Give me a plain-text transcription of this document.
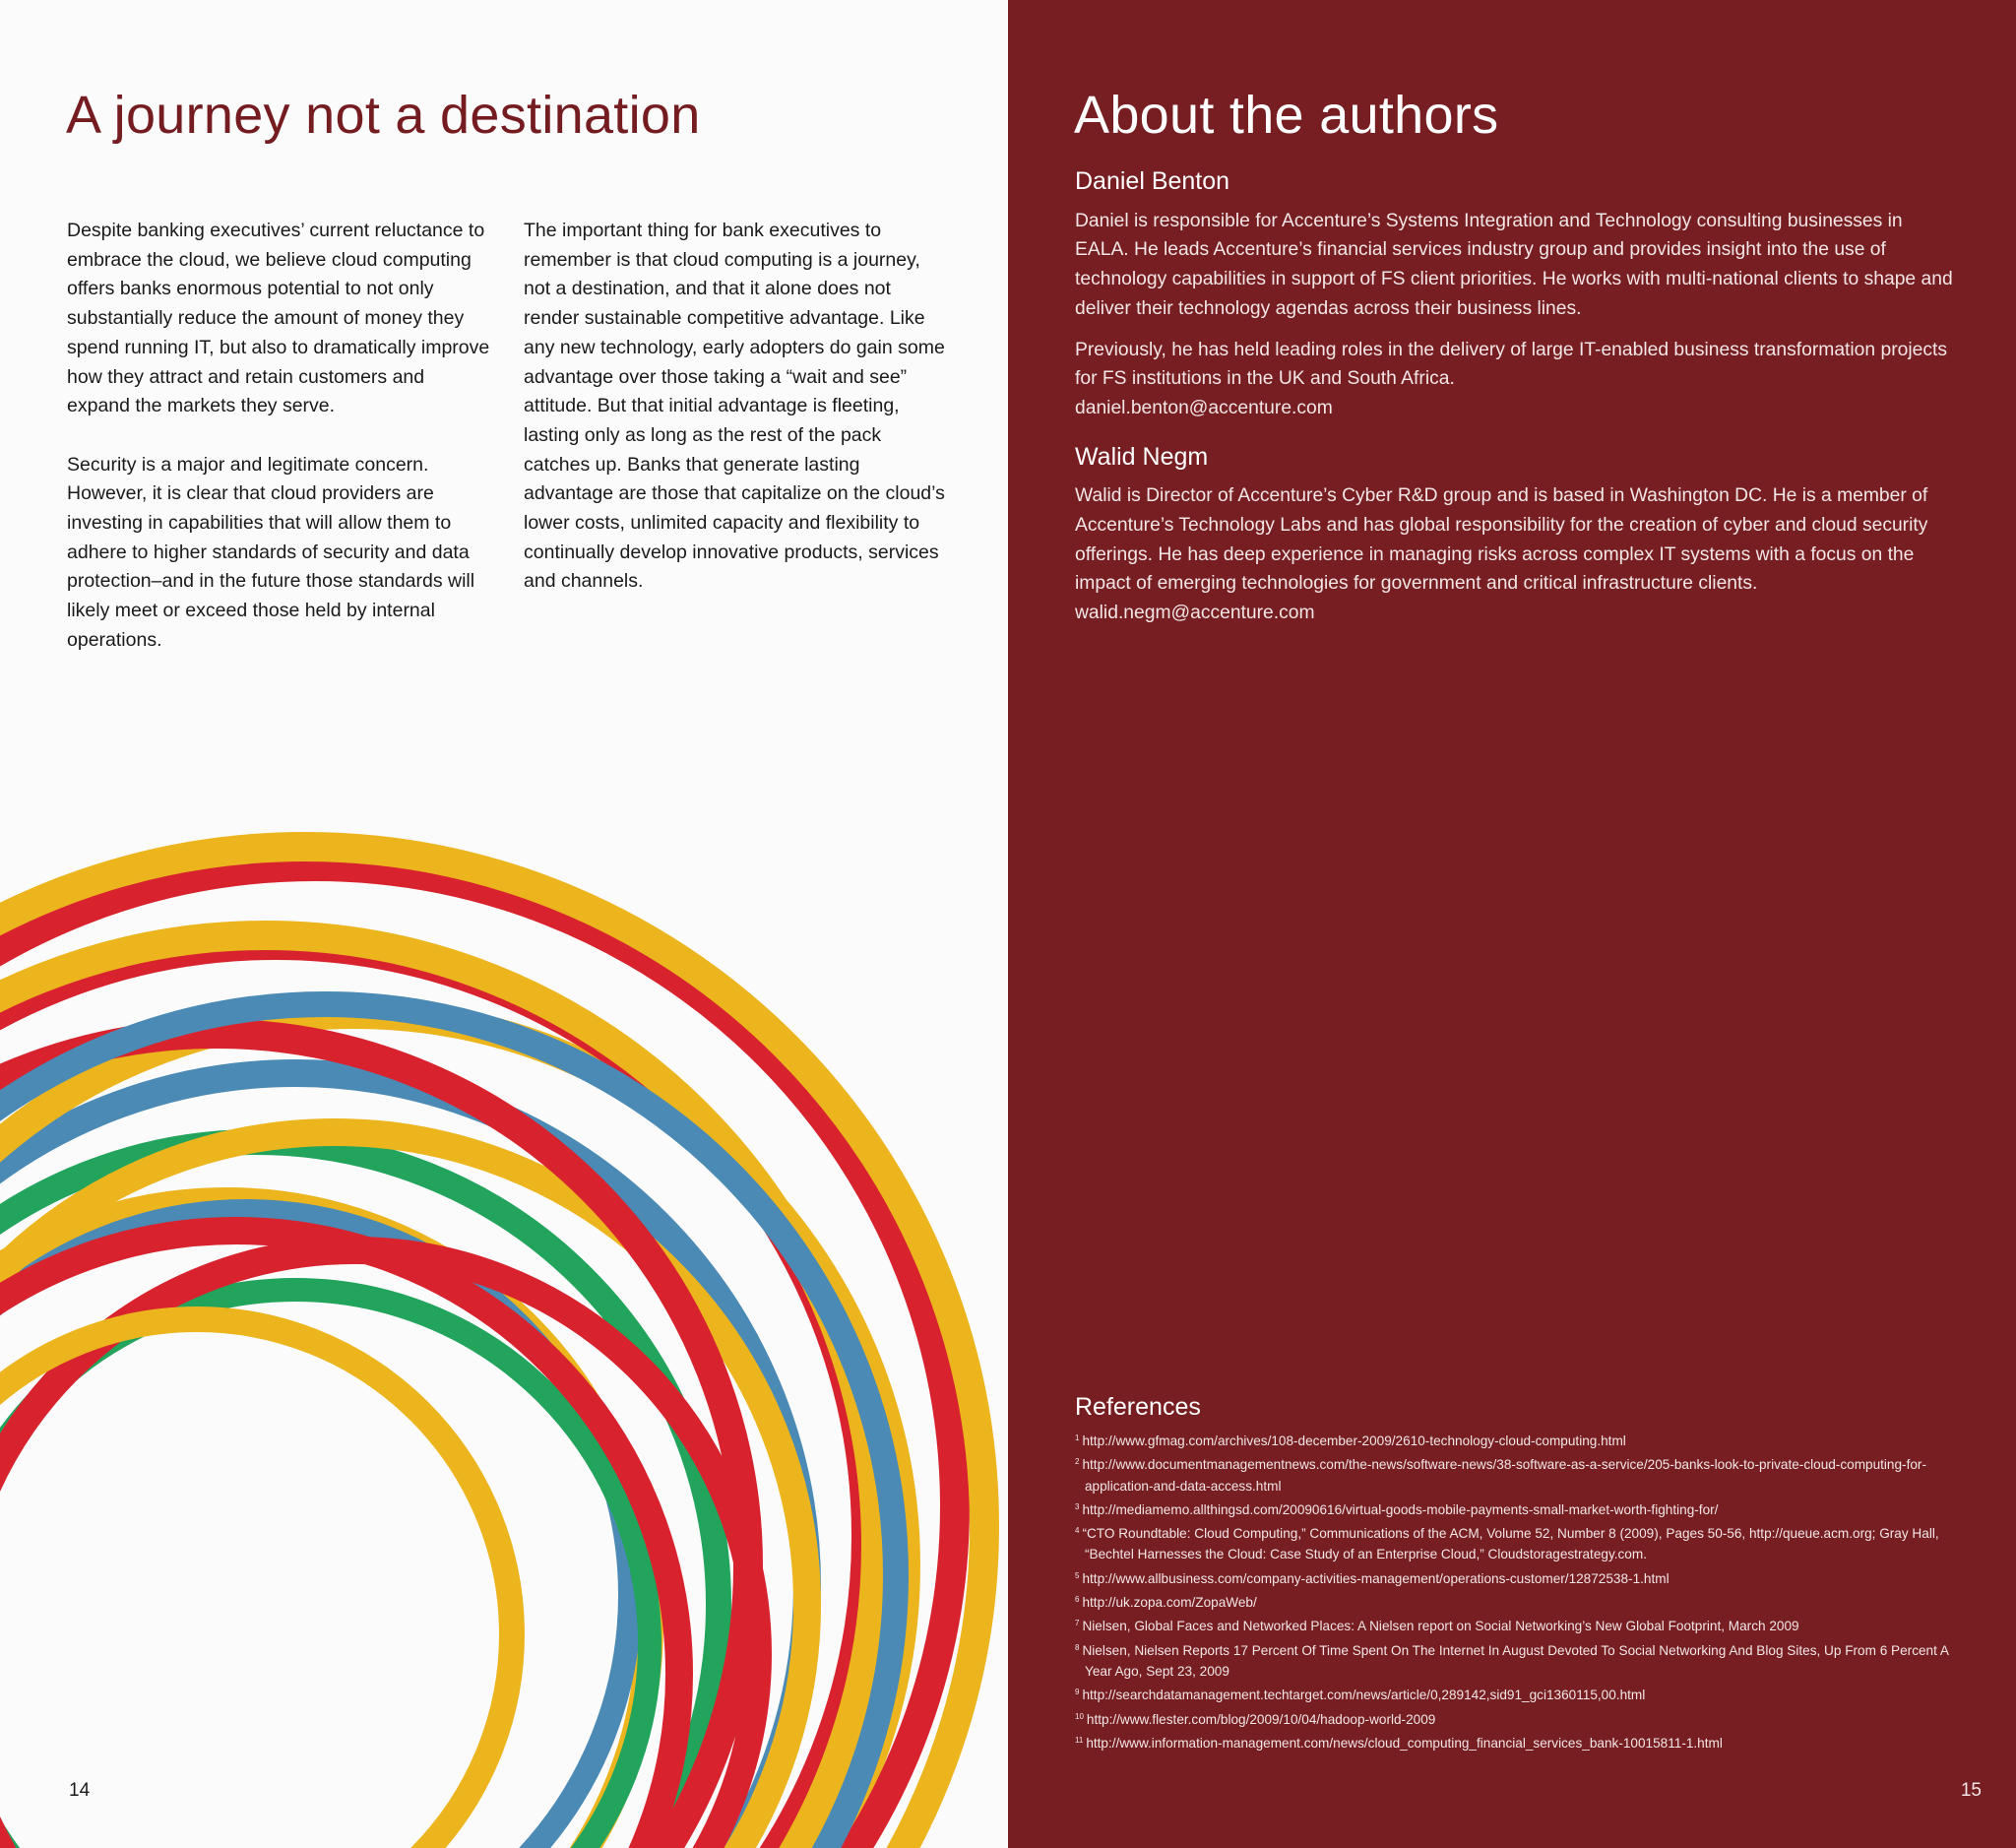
A journey not a destination

Despite banking executives’ current reluctance to embrace the cloud, we believe cloud computing offers banks enormous potential to not only substantially reduce the amount of money they spend running IT, but also to dramatically improve how they attract and retain customers and expand the markets they serve.

Security is a major and legitimate concern. However, it is clear that cloud providers are investing in capabilities that will allow them to adhere to higher standards of security and data protection–and in the future those standards will likely meet or exceed those held by internal operations.

The important thing for bank executives to remember is that cloud computing is a journey, not a destination, and that it alone does not render sustainable competitive advantage. Like any new technology, early adopters do gain some advantage over those taking a “wait and see” attitude. But that initial advantage is fleeting, lasting only as long as the rest of the pack catches up. Banks that generate lasting advantage are those that capitalize on the cloud’s lower costs, unlimited capacity and flexibility to continually develop innovative products, services and channels.

14

About the authors
Daniel Benton

Daniel is responsible for Accenture’s Systems Integration and Technology consulting businesses in EALA. He leads Accenture’s financial services industry group and provides insight into the use of technology capabilities in support of FS client priorities. He works with multi-national clients to shape and deliver their technology agendas across their business lines.

Previously, he has held leading roles in the delivery of large IT-enabled business transformation projects for FS institutions in the UK and South Africa.

daniel.benton@accenture.com

Walid Negm

Walid is Director of Accenture’s Cyber R&D group and is based in Washington DC. He is a member of Accenture’s Technology Labs and has global responsibility for the creation of cyber and cloud security offerings. He has deep experience in managing risks across complex IT systems with a focus on the impact of emerging technologies for government and critical infrastructure clients.

walid.negm@accenture.com

References
$^1$ http://www.gfmag.com/archives/108-december-2009/2610-technology-cloud-computing.html
$^2$ http://www.documentmanagementnews.com/the-news/software-news/38-software-as-a-service/205-banks-look-to-private-cloud-computing-for-application-and-data-access.html
$^3$ http://mediamemo.allthingsd.com/20090616/virtual-goods-mobile-payments-small-market-worth-fighting-for/
$^4$ “CTO Roundtable: Cloud Computing,” Communications of the ACM, Volume 52, Number 8 (2009), Pages 50-56, http://queue.acm.org; Gray Hall, “Bechtel Harnesses the Cloud: Case Study of an Enterprise Cloud,” Cloudstoragestrategy.com.
$^5$ http://www.allbusiness.com/company-activities-management/operations-customer/12872538-1.html
$^6$ http://uk.zopa.com/ZopaWeb/
$^7$ Nielsen, Global Faces and Networked Places: A Nielsen report on Social Networking’s New Global Footprint, March 2009
$^8$ Nielsen, Nielsen Reports 17 Percent Of Time Spent On The Internet In August Devoted To Social Networking And Blog Sites, Up From 6 Percent A Year Ago, Sept 23, 2009
$^9$ http://searchdatamanagement.techtarget.com/news/article/0,289142,sid91_gci1360115,00.html
$^{10}$ http://www.flester.com/blog/2009/10/04/hadoop-world-2009
$^{11}$ http://www.information-management.com/news/cloud_computing_financial_services_bank-10015811-1.html

15
